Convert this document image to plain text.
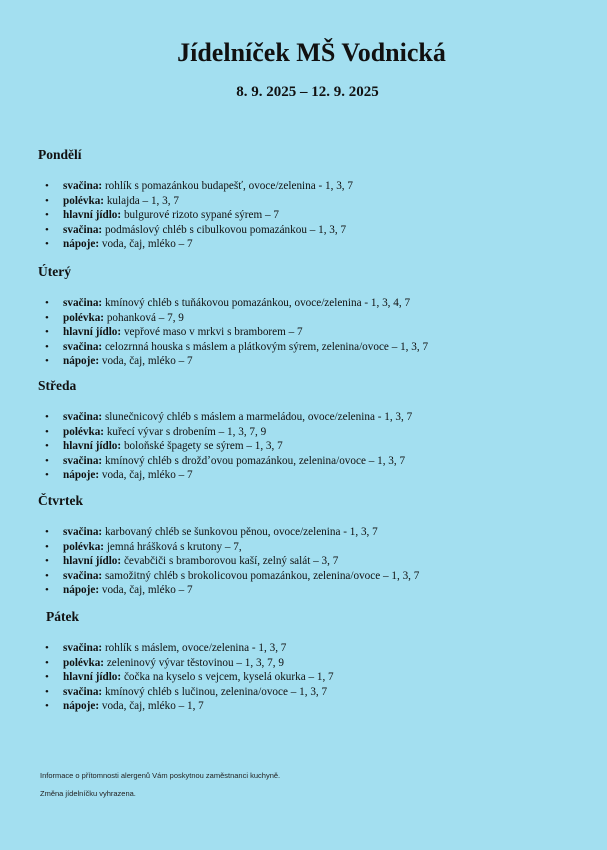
Jídelníček MŠ Vodnická
8. 9. 2025 – 12. 9. 2025
Pondělí
• svačina: rohlík s pomazánkou budapešť, ovoce/zelenina - 1, 3, 7
• polévka: kulajda – 1, 3, 7
• hlavní jídlo: bulgurové rizoto sypané sýrem – 7
• svačina: podmáslový chléb s cibulkovou pomazánkou – 1, 3, 7
• nápoje: voda, čaj, mléko – 7
Úterý
• svačina: kmínový chléb s tuňákovou pomazánkou, ovoce/zelenina - 1, 3, 4, 7
• polévka: pohanková – 7, 9
• hlavní jídlo: vepřové maso v mrkvi s bramborem – 7
• svačina: celozrnná houska s máslem a plátkovým sýrem, zelenina/ovoce – 1, 3, 7
• nápoje: voda, čaj, mléko – 7
Středa
• svačina: slunečnicový chléb s máslem a marmeládou, ovoce/zelenina - 1, 3, 7
• polévka: kuřecí vývar s drobením – 1, 3, 7, 9
• hlavní jídlo: boloňské špagety se sýrem – 1, 3, 7
• svačina: kmínový chléb s droždʼovou pomazánkou, zelenina/ovoce – 1, 3, 7
• nápoje: voda, čaj, mléko – 7
Čtvrtek
• svačina: karbovaný chléb se šunkovou pěnou, ovoce/zelenina - 1, 3, 7
• polévka: jemná hrášková s krutony – 7,
• hlavní jídlo: čevabčiči s bramborovou kaší, zelný salát – 3, 7
• svačina: samožitný chléb s brokolicovou pomazánkou, zelenina/ovoce – 1, 3, 7
• nápoje: voda, čaj, mléko – 7
Pátek
• svačina: rohlík s máslem, ovoce/zelenina - 1, 3, 7
• polévka: zeleninový vývar těstovinou – 1, 3, 7, 9
• hlavní jídlo: čočka na kyselo s vejcem, kyselá okurka – 1, 7
• svačina: kmínový chléb s lučinou, zelenina/ovoce – 1, 3, 7
• nápoje: voda, čaj, mléko – 1, 7
Informace o přítomnosti alergenů Vám poskytnou zaměstnanci kuchyně.
Změna jídelníčku vyhrazena.
